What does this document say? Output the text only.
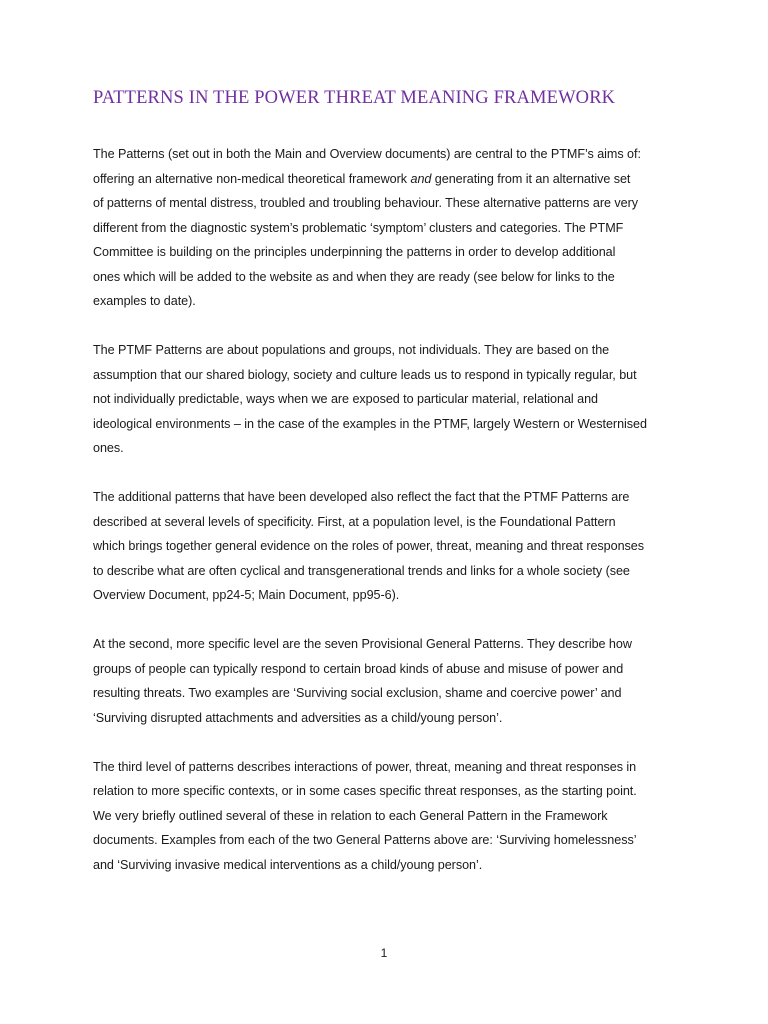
PATTERNS IN THE POWER THREAT MEANING FRAMEWORK

The Patterns (set out in both the Main and Overview documents) are central to the PTMF’s aims of:
offering an alternative non-medical theoretical framework and generating from it an alternative set
of patterns of mental distress, troubled and troubling behaviour. These alternative patterns are very
different from the diagnostic system’s problematic ‘symptom’ clusters and categories. The PTMF
Committee is building on the principles underpinning the patterns in order to develop additional
ones which will be added to the website as and when they are ready (see below for links to the
examples to date).

The PTMF Patterns are about populations and groups, not individuals. They are based on the
assumption that our shared biology, society and culture leads us to respond in typically regular, but
not individually predictable, ways when we are exposed to particular material, relational and
ideological environments – in the case of the examples in the PTMF, largely Western or Westernised
ones.

The additional patterns that have been developed also reflect the fact that the PTMF Patterns are
described at several levels of specificity. First, at a population level, is the Foundational Pattern
which brings together general evidence on the roles of power, threat, meaning and threat responses
to describe what are often cyclical and transgenerational trends and links for a whole society (see
Overview Document, pp24-5; Main Document, pp95-6).

At the second, more specific level are the seven Provisional General Patterns. They describe how
groups of people can typically respond to certain broad kinds of abuse and misuse of power and
resulting threats. Two examples are ‘Surviving social exclusion, shame and coercive power’ and
‘Surviving disrupted attachments and adversities as a child/young person’.

The third level of patterns describes interactions of power, threat, meaning and threat responses in
relation to more specific contexts, or in some cases specific threat responses, as the starting point.
We very briefly outlined several of these in relation to each General Pattern in the Framework
documents. Examples from each of the two General Patterns above are: ‘Surviving homelessness’
and ‘Surviving invasive medical interventions as a child/young person’.

1
